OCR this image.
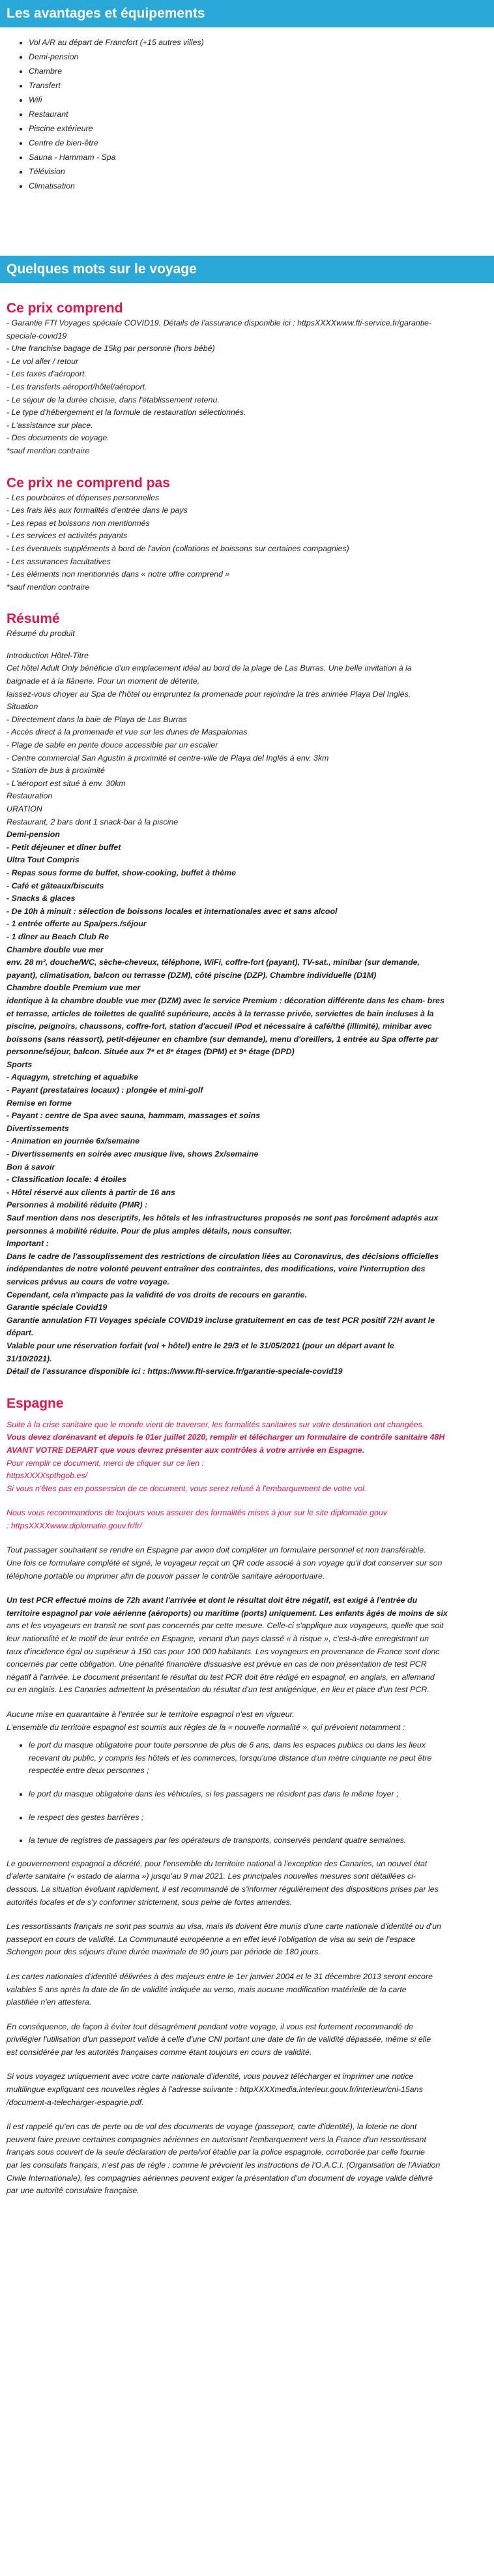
Les avantages et équipements
• Vol A/R au départ de Francfort (+15 autres villes)
• Demi-pension
• Chambre
• Transfert
• Wifi
• Restaurant
• Piscine extérieure
• Centre de bien-être
• Sauna - Hammam - Spa
• Télévision
• Climatisation
Quelques mots sur le voyage
Ce prix comprend
- Garantie FTI Voyages spéciale COVID19. Détails de l'assurance disponible ici : httpsXXXXwww.fti-service.fr/garantie-
speciale-covid19
- Une franchise bagage de 15kg par personne (hors bébé)
- Le vol aller / retour
- Les taxes d'aéroport.
- Les transferts aéroport/hôtel/aéroport.
- Le séjour de la durée choisie, dans l'établissement retenu.
- Le type d'hébergement et la formule de restauration sélectionnés.
- L'assistance sur place.
- Des documents de voyage.
*sauf mention contraire
Ce prix ne comprend pas
- Les pourboires et dépenses personnelles
- Les frais liés aux formalités d'entrée dans le pays
- Les repas et boissons non mentionnés
- Les services et activités payants
- Les éventuels suppléments à bord de l'avion (collations et boissons sur certaines compagnies)
- Les assurances facultatives
- Les éléments non mentionnés dans « notre offre comprend »
*sauf mention contraire
Résumé
Résumé du produit
Introduction Hôtel-Titre
Cet hôtel Adult Only bénéficie d'un emplacement idéal au bord de la plage de Las Burras. Une belle invitation à la
baignade et à la flânerie. Pour un moment de détente,
laissez-vous choyer au Spa de l'hôtel ou empruntez la promenade pour rejoindre la très animée Playa Del Inglés.
Situation
- Directement dans la baie de Playa de Las Burras
- Accès direct à la promenade et vue sur les dunes de Maspalomas
- Plage de sable en pente douce accessible par un escalier
- Centre commercial San Agustín à proximité et centre-ville de Playa del Inglés à env. 3km
- Station de bus à proximité
- L'aéroport est situé à env. 30km
Restauration
URATION
Restaurant, 2 bars dont 1 snack-bar à la piscine
Demi-pension
- Petit déjeuner et dîner buffet
Ultra Tout Compris
- Repas sous forme de buffet, show-cooking, buffet à thème
- Café et gâteaux/biscuits
- Snacks & glaces
- De 10h à minuit : sélection de boissons locales et internationales avec et sans alcool
- 1 entrée offerte au Spa/pers./séjour
- 1 dîner au Beach Club Re
Chambre double vue mer
env. 28 m², douche/WC, sèche-cheveux, téléphone, WiFi, coffre-fort (payant), TV-sat., minibar (sur demande,
payant), climatisation, balcon ou terrasse (DZM), côté piscine (DZP). Chambre individuelle (D1M)
Chambre double Premium vue mer
identique à la chambre double vue mer (DZM) avec le service Premium : décoration différente dans les cham- bres
et terrasse, articles de toilettes de qualité supérieure, accès à la terrasse privée, serviettes de bain incluses à la
piscine, peignoirs, chaussons, coffre-fort, station d'accueil iPod et nécessaire à café/thé (illimité), minibar avec
boissons (sans réassort), petit-déjeuner en chambre (sur demande), menu d'oreillers, 1 entrée au Spa offerte par
personne/séjour, balcon. Située aux 7ᵉ et 8ᵉ étages (DPM) et 9ᵉ étage (DPD)
Sports
- Aquagym, stretching et aquabike
- Payant (prestataires locaux) : plongée et mini-golf
Remise en forme
- Payant : centre de Spa avec sauna, hammam, massages et soins
Divertissements
- Animation en journée 6x/semaine
- Divertissements en soirée avec musique live, shows 2x/semaine
Bon à savoir
- Classification locale: 4 étoiles
- Hôtel réservé aux clients à partir de 16 ans
Personnes à mobilité réduite (PMR) :
Sauf mention dans nos descriptifs, les hôtels et les infrastructures proposés ne sont pas forcément adaptés aux
personnes à mobilité réduite. Pour de plus amples détails, nous consulter.
Important :
Dans le cadre de l'assouplissement des restrictions de circulation liées au Coronavirus, des décisions officielles
indépendantes de notre volonté peuvent entraîner des contraintes, des modifications, voire l'interruption des
services prévus au cours de votre voyage.
Cependant, cela n'impacte pas la validité de vos droits de recours en garantie.
Garantie spéciale Covid19
Garantie annulation FTI Voyages spéciale COVID19 incluse gratuitement en cas de test PCR positif 72H avant le
départ.
Valable pour une réservation forfait (vol + hôtel) entre le 29/3 et le 31/05/2021 (pour un départ avant le
31/10/2021).
Détail de l'assurance disponible ici : https://www.fti-service.fr/garantie-speciale-covid19
Espagne
Suite à la crise sanitaire que le monde vient de traverser, les formalités sanitaires sur votre destination ont changées.
Vous devez dorénavant et depuis le 01er juillet 2020, remplir et télécharger un formulaire de contrôle sanitaire 48H
AVANT VOTRE DEPART que vous devrez présenter aux contrôles à votre arrivée en Espagne.
Pour remplir ce document, merci de cliquer sur ce lien :
httpsXXXXspthgob.es/
Si vous n'êtes pas en possession de ce document, vous serez refusé à l'embarquement de votre vol.
Nous vous recommandons de toujours vous assurer des formalités mises à jour sur le site diplomatie.gouv
: httpsXXXXwww.diplomatie.gouv.fr/fr/
Tout passager souhaitant se rendre en Espagne par avion doit compléter un formulaire personnel et non transférable.
Une fois ce formulaire complété et signé, le voyageur reçoit un QR code associé à son voyage qu'il doit conserver sur son
téléphone portable ou imprimer afin de pouvoir passer le contrôle sanitaire aéroportuaire.
Un test PCR effectué moins de 72h avant l'arrivée et dont le résultat doit être négatif, est exigé à l'entrée du
territoire espagnol par voie aérienne (aéroports) ou maritime (ports) uniquement. Les enfants âgés de moins de six
ans et les voyageurs en transit ne sont pas concernés par cette mesure. Celle-ci s'applique aux voyageurs, quelle que soit
leur nationalité et le motif de leur entrée en Espagne, venant d'un pays classé « à risque », c'est-à-dire enregistrant un
taux d'incidence égal ou supérieur à 150 cas pour 100 000 habitants. Les voyageurs en provenance de France sont donc
concernés par cette obligation. Une pénalité financière dissuasive est prévue en cas de non présentation de test PCR
négatif à l'arrivée. Le document présentant le résultat du test PCR doit être rédigé en espagnol, en anglais, en allemand
ou en anglais. Les Canaries admettent la présentation du résultat d'un test antigénique, en lieu et place d'un test PCR.
Aucune mise en quarantaine à l'entrée sur le territoire espagnol n'est en vigueur.
L'ensemble du territoire espagnol est soumis aux règles de la « nouvelle normalité », qui prévoient notamment :
• le port du masque obligatoire pour toute personne de plus de 6 ans, dans les espaces publics ou dans les lieux
recevant du public, y compris les hôtels et les commerces, lorsqu'une distance d'un mètre cinquante ne peut être
respectée entre deux personnes ;
• le port du masque obligatoire dans les véhicules, si les passagers ne résident pas dans le même foyer ;
• le respect des gestes barrières ;
• la tenue de registres de passagers par les opérateurs de transports, conservés pendant quatre semaines.
Le gouvernement espagnol a décrété, pour l'ensemble du territoire national à l'exception des Canaries, un nouvel état
d'alerte sanitaire (« estado de alarma ») jusqu'au 9 mai 2021. Les principales nouvelles mesures sont détaillées ci-
dessous. La situation évoluant rapidement, il est recommandé de s'informer régulièrement des dispositions prises par les
autorités locales et de s'y conformer strictement, sous peine de fortes amendes.
Les ressortissants français ne sont pas soumis au visa, mais ils doivent être munis d'une carte nationale d'identité ou d'un
passeport en cours de validité. La Communauté européenne a en effet levé l'obligation de visa au sein de l'espace
Schengen pour des séjours d'une durée maximale de 90 jours par période de 180 jours.
Les cartes nationales d'identité délivrées à des majeurs entre le 1er janvier 2004 et le 31 décembre 2013 seront encore
valables 5 ans après la date de fin de validité indiquée au verso, mais aucune modification matérielle de la carte
plastifiée n'en attestera.
En conséquence, de façon à éviter tout désagrément pendant votre voyage, il vous est fortement recommandé de
privilégier l'utilisation d'un passeport valide à celle d'une CNI portant une date de fin de validité dépassée, même si elle
est considérée par les autorités françaises comme étant toujours en cours de validité.
Si vous voyagez uniquement avec votre carte nationale d'identité, vous pouvez télécharger et imprimer une notice
multilingue expliquant ces nouvelles règles à l'adresse suivante : httpXXXXmedia.interieur.gouv.fr/interieur/cni-15ans
/document-a-telecharger-espagne.pdf.
Il est rappelé qu'en cas de perte ou de vol des documents de voyage (passeport, carte d'identité), la loterie ne dont
peuvent faire preuve certaines compagnies aériennes en autorisant l'embarquement vers la France d'un ressortissant
français sous couvert de la seule déclaration de perte/vol établie par la police espagnole, corroborée par celle fournie
par les consulats français, n'est pas de règle : comme le prévoient les instructions de l'O.A.C.I. (Organisation de l'Aviation
Civile Internationale), les compagnies aériennes peuvent exiger la présentation d'un document de voyage valide délivré
par une autorité consulaire française.
